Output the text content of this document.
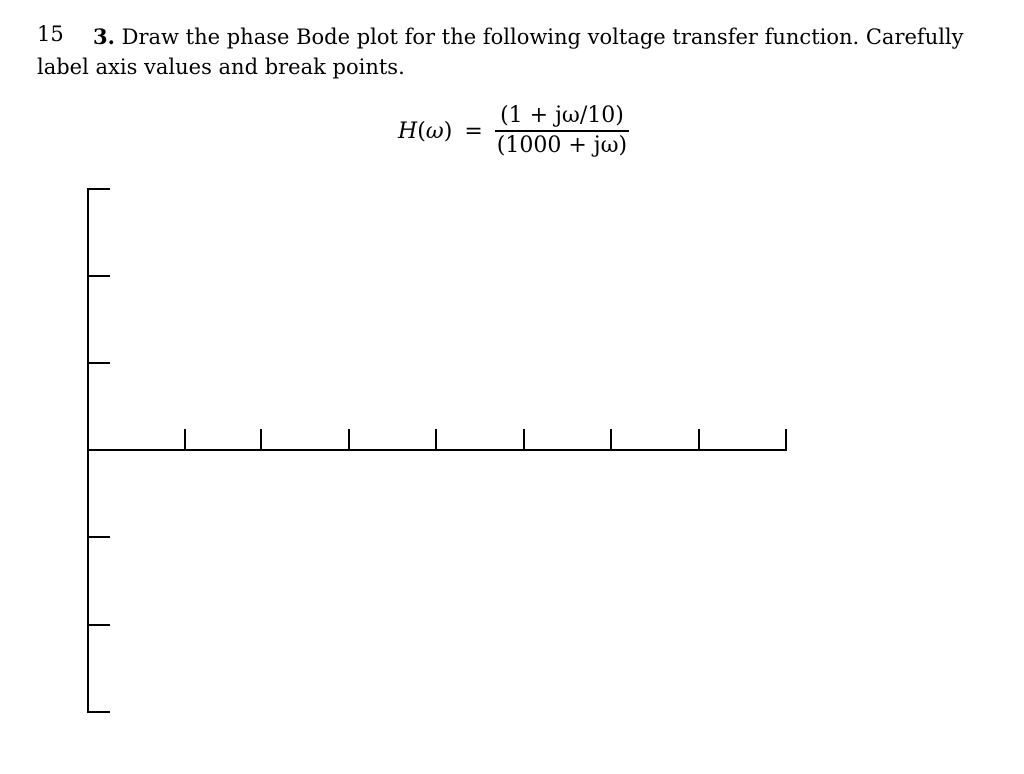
15	3. Draw the phase Bode plot for the following voltage transfer function. Carefully label axis values and break points.
$H(\omega) = \frac{(1 + j\omega/10)}{(1000 + j\omega)}$
